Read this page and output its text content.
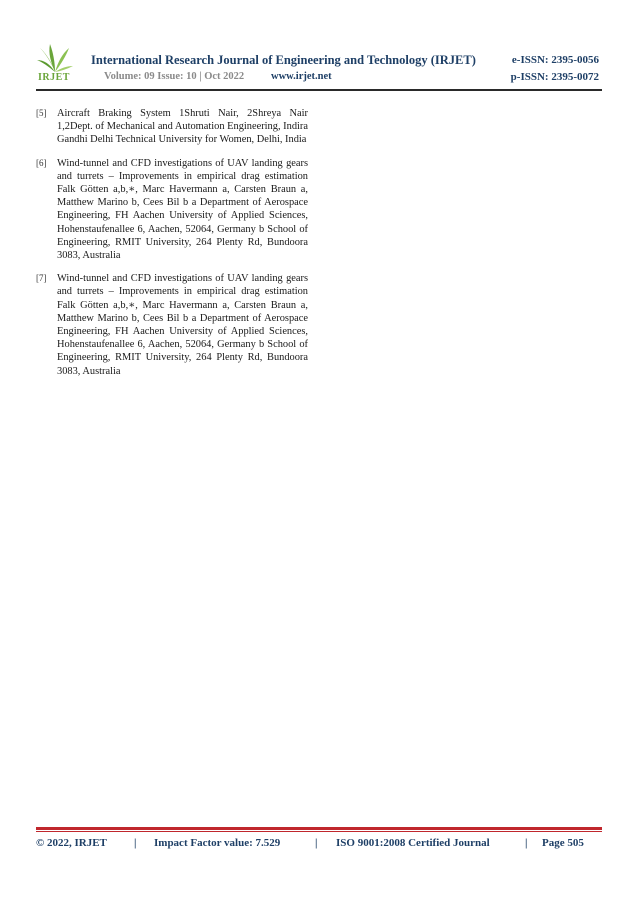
IRJET
International Research Journal of Engineering and Technology (IRJET)	e-ISSN: 2395-0056
Volume: 09 Issue: 10 | Oct 2022	www.irjet.net	p-ISSN: 2395-0072
[5] Aircraft Braking System 1Shruti Nair, 2Shreya Nair 1,2Dept. of Mechanical and Automation Engineering, Indira Gandhi Delhi Technical University for Women, Delhi, India
[6] Wind-tunnel and CFD investigations of UAV landing gears and turrets – Improvements in empirical drag estimation Falk Götten a,b,∗, Marc Havermann a, Carsten Braun a, Matthew Marino b, Cees Bil b a Department of Aerospace Engineering, FH Aachen University of Applied Sciences, Hohenstaufenallee 6, Aachen, 52064, Germany b School of Engineering, RMIT University, 264 Plenty Rd, Bundoora 3083, Australia
[7] Wind-tunnel and CFD investigations of UAV landing gears and turrets – Improvements in empirical drag estimation Falk Götten a,b,∗, Marc Havermann a, Carsten Braun a, Matthew Marino b, Cees Bil b a Department of Aerospace Engineering, FH Aachen University of Applied Sciences, Hohenstaufenallee 6, Aachen, 52064, Germany b School of Engineering, RMIT University, 264 Plenty Rd, Bundoora 3083, Australia
© 2022, IRJET | Impact Factor value: 7.529	| ISO 9001:2008 Certified Journal	| Page 505
